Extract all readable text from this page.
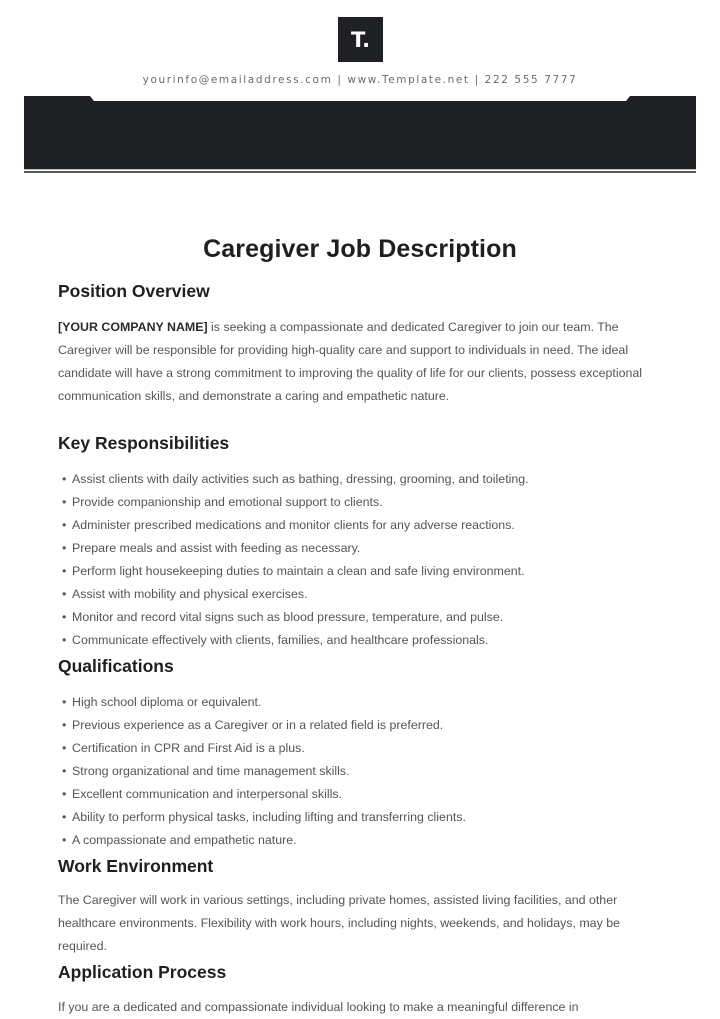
T.
yourinfo@emailaddress.com | www.Template.net | 222 555 7777
Caregiver Job Description
Position Overview
[YOUR COMPANY NAME] is seeking a compassionate and dedicated Caregiver to join our team. The Caregiver will be responsible for providing high-quality care and support to individuals in need. The ideal candidate will have a strong commitment to improving the quality of life for our clients, possess exceptional communication skills, and demonstrate a caring and empathetic nature.
Key Responsibilities
• Assist clients with daily activities such as bathing, dressing, grooming, and toileting.
• Provide companionship and emotional support to clients.
• Administer prescribed medications and monitor clients for any adverse reactions.
• Prepare meals and assist with feeding as necessary.
• Perform light housekeeping duties to maintain a clean and safe living environment.
• Assist with mobility and physical exercises.
• Monitor and record vital signs such as blood pressure, temperature, and pulse.
• Communicate effectively with clients, families, and healthcare professionals.
Qualifications
• High school diploma or equivalent.
• Previous experience as a Caregiver or in a related field is preferred.
• Certification in CPR and First Aid is a plus.
• Strong organizational and time management skills.
• Excellent communication and interpersonal skills.
• Ability to perform physical tasks, including lifting and transferring clients.
• A compassionate and empathetic nature.
Work Environment
The Caregiver will work in various settings, including private homes, assisted living facilities, and other healthcare environments. Flexibility with work hours, including nights, weekends, and holidays, may be required.
Application Process
If you are a dedicated and compassionate individual looking to make a meaningful difference in
